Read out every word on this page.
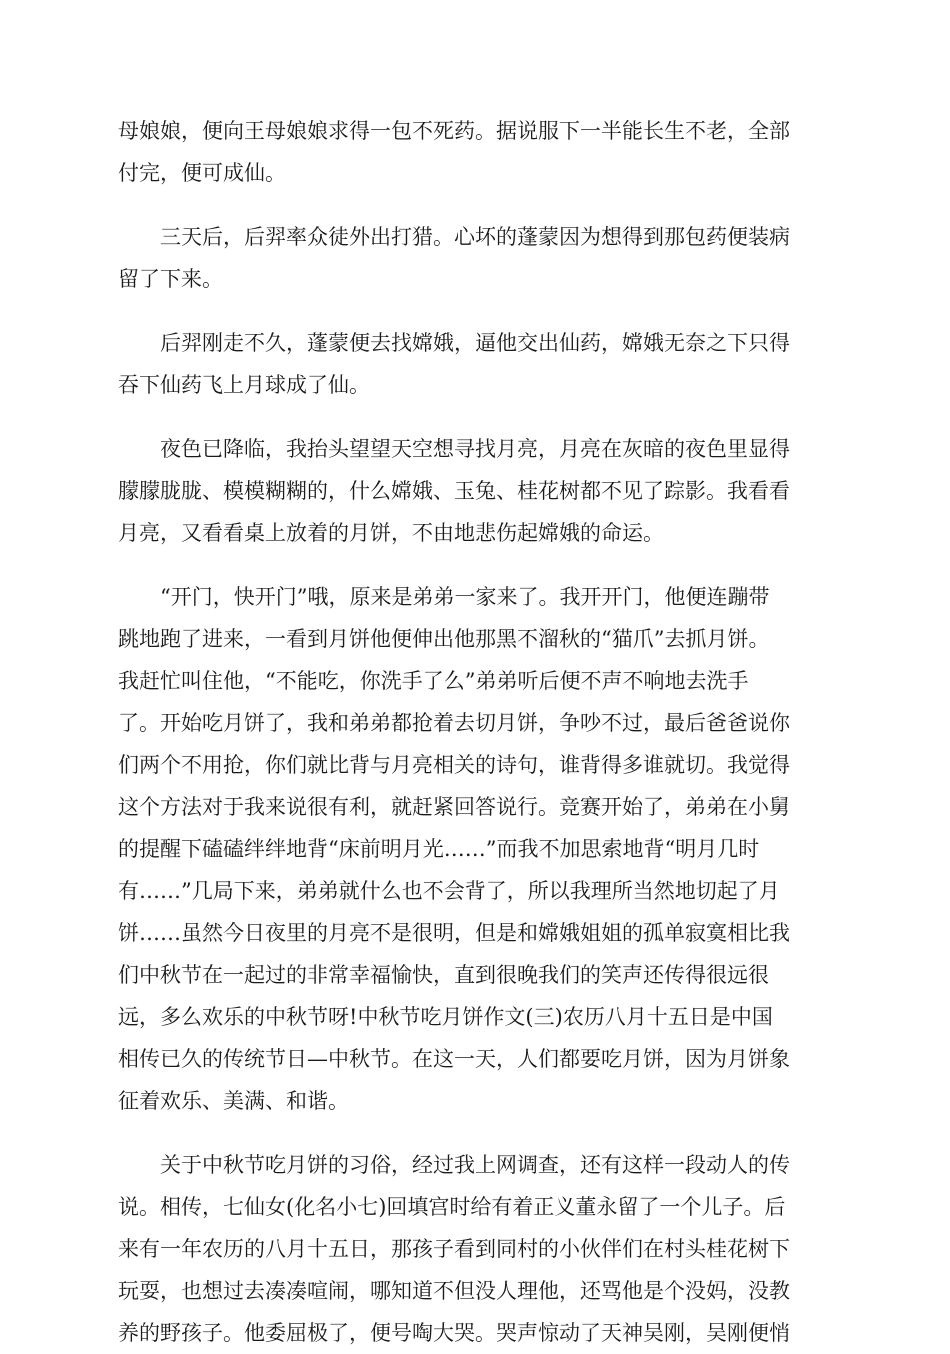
母娘娘，便向王母娘娘求得一包不死药。据说服下一半能长生不老，全部
付完，便可成仙。

三天后，后羿率众徒外出打猎。心坏的蓬蒙因为想得到那包药便装病
留了下来。

后羿刚走不久，蓬蒙便去找嫦娥，逼他交出仙药，嫦娥无奈之下只得
吞下仙药飞上月球成了仙。

夜色已降临，我抬头望望天空想寻找月亮，月亮在灰暗的夜色里显得
朦朦胧胧、模模糊糊的，什么嫦娥、玉兔、桂花树都不见了踪影。我看看
月亮，又看看桌上放着的月饼，不由地悲伤起嫦娥的命运。

“开门，快开门”哦，原来是弟弟一家来了。我开开门，他便连蹦带
跳地跑了进来，一看到月饼他便伸出他那黑不溜秋的“猫爪”去抓月饼。
我赶忙叫住他，“不能吃，你洗手了么”弟弟听后便不声不响地去洗手
了。开始吃月饼了，我和弟弟都抢着去切月饼，争吵不过，最后爸爸说你
们两个不用抢，你们就比背与月亮相关的诗句，谁背得多谁就切。我觉得
这个方法对于我来说很有利，就赶紧回答说行。竞赛开始了，弟弟在小舅
的提醒下磕磕绊绊地背“床前明月光……”而我不加思索地背“明月几时
有……”几局下来，弟弟就什么也不会背了，所以我理所当然地切起了月
饼……虽然今日夜里的月亮不是很明，但是和嫦娥姐姐的孤单寂寞相比我
们中秋节在一起过的非常幸福愉快，直到很晚我们的笑声还传得很远很
远，多么欢乐的中秋节呀!中秋节吃月饼作文(三)农历八月十五日是中国
相传已久的传统节日—中秋节。在这一天，人们都要吃月饼，因为月饼象
征着欢乐、美满、和谐。

关于中秋节吃月饼的习俗，经过我上网调查，还有这样一段动人的传
说。相传，七仙女(化名小七)回填宫时给有着正义董永留了一个儿子。后
来有一年农历的八月十五日，那孩子看到同村的小伙伴们在村头桂花树下
玩耍，也想过去凑凑喧闹，哪知道不但没人理他，还骂他是个没妈，没教
养的野孩子。他委屈极了，便号啕大哭。哭声惊动了天神吴刚，吴刚便悄
